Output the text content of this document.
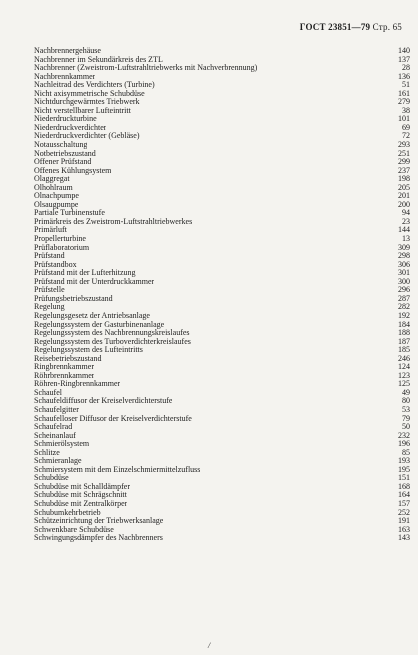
ГОСТ 23851—79 Стр. 65
Nachbrennergehäuse	140
Nachbrenner im Sekundärkreis des ZTL	137
Nachbrenner (Zweistrom-Luftstrahltriebwerks mit Nachverbrennung)	28
Nachbrennkammer	136
Nachleitrad des Verdichters (Turbine)	51
Nicht axisymmetrische Schubdüse	161
Nichtdurchgewärmtes Triebwerk	279
Nicht verstellbarer Lufteintritt	38
Niederdruckturbine	101
Niederdruckverdichter	69
Niederdruckverdichter (Gebläse)	72
Notausschaltung	293
Notbetriebszustand	251
Offener Prüfstand	299
Offenes Kühlungsystem	237
Ölaggregat	198
Ölhohlraum	205
Ölnachpumpe	201
Ölsaugpumpe	200
Partiale Turbinenstufe	94
Primärkreis des Zweistrom-Luftstrahltriebwerkes	23
Primärluft	144
Propellerturbine	13
Prüflaboratorium	309
Prüfstand	298
Prüfstandbox	306
Prüfstand mit der Lufterhitzung	301
Prüfstand mit der Unterdruckkammer	300
Prüfstelle	296
Prüfungsbetriebszustand	287
Regelung	282
Regelungsgesetz der Antriebsanlage	192
Regelungssystem der Gasturbinenanlage	184
Regelungssystem des Nachbrennungskreislaufes	188
Regelungssystem des Turboverdichterkreislaufes	187
Regelungssystem des Lufteintritts	185
Reisebetriebszustand	246
Ringbrennkammer	124
Röhrbrennkammer	123
Röhren-Ringbrennkammer	125
Schaufel	49
Schaufeldiffusor der Kreiselverdichterstufe	80
Schaufelgitter	53
Schaufelloser Diffusor der Kreiselverdichterstufe	79
Schaufelrad	50
Scheinanlauf	232
Schmierölsystem	196
Schlitze	85
Schmieranlage	193
Schmiersystem mit dem Einzelschmiermittelzufluss	195
Schubdüse	151
Schubdüse mit Schalldämpfer	168
Schubdüse mit Schrägschnitt	164
Schubdüse mit Zentralkörper	157
Schubumkehrbetrieb	252
Schützeinrichtung der Triebwerksanlage	191
Schwenkbare Schubdüse	163
Schwingungsdämpfer des Nachbrenners	143
/
